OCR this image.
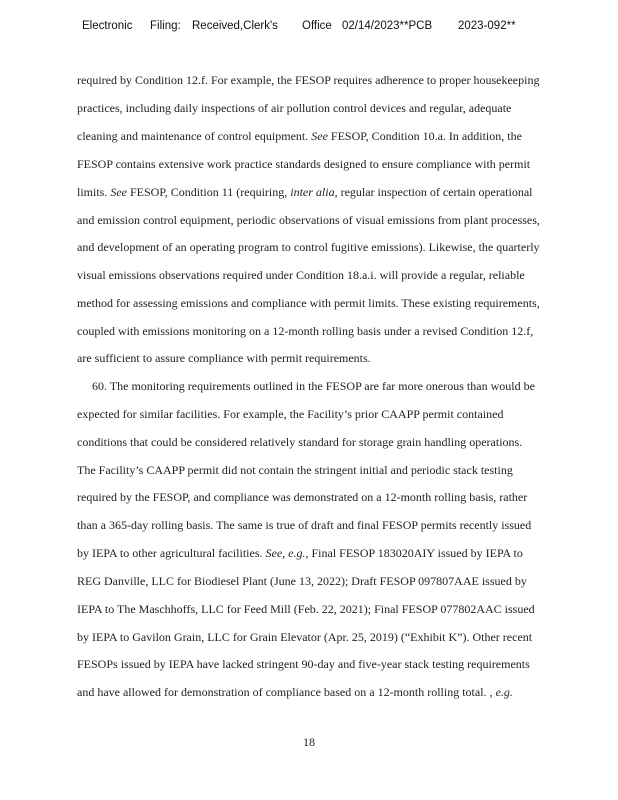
Electronic	Filing: Received,Clerk's	Office 02/14/2023**PCB	2023-092**
required by Condition 12.f. For example, the FESOP requires adherence to proper housekeeping
practices, including daily inspections of air pollution control devices and regular, adequate
cleaning and maintenance of control equipment. See FESOP, Condition 10.a. In addition, the
FESOP contains extensive work practice standards designed to ensure compliance with permit
limits. See FESOP, Condition 11 (requiring, inter alia, regular inspection of certain operational
and emission control equipment, periodic observations of visual emissions from plant processes,
and development of an operating program to control fugitive emissions). Likewise, the quarterly
visual emissions observations required under Condition 18.a.i. will provide a regular, reliable
method for assessing emissions and compliance with permit limits. These existing requirements,
coupled with emissions monitoring on a 12-month rolling basis under a revised Condition 12.f,
are sufficient to assure compliance with permit requirements.
60. The monitoring requirements outlined in the FESOP are far more onerous than would be
expected for similar facilities. For example, the Facility’s prior CAAPP permit contained
conditions that could be considered relatively standard for storage grain handling operations.
The Facility’s CAAPP permit did not contain the stringent initial and periodic stack testing
required by the FESOP, and compliance was demonstrated on a 12-month rolling basis, rather
than a 365-day rolling basis. The same is true of draft and final FESOP permits recently issued
by IEPA to other agricultural facilities. See, e.g., Final FESOP 183020AIY issued by IEPA to
REG Danville, LLC for Biodiesel Plant (June 13, 2022); Draft FESOP 097807AAE issued by
IEPA to The Maschhoffs, LLC for Feed Mill (Feb. 22, 2021); Final FESOP 077802AAC issued
by IEPA to Gavilon Grain, LLC for Grain Elevator (Apr. 25, 2019) (“Exhibit K”). Other recent
FESOPs issued by IEPA have lacked stringent 90-day and five-year stack testing requirements
and have allowed for demonstration of compliance based on a 12-month rolling total. , e.g.
18
